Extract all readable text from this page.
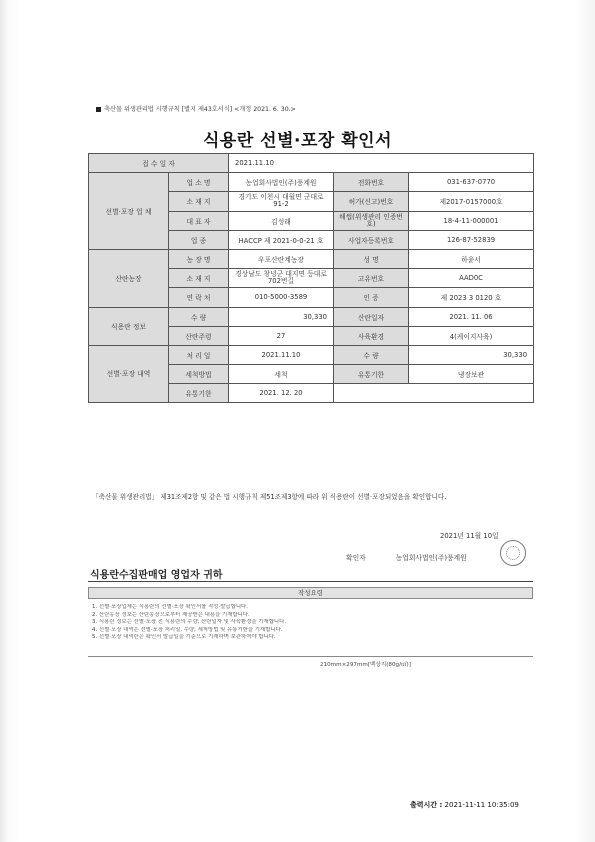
축산물 위생관리법 시행규칙 [별지 제43호서식] <개정 2021. 6. 30.>
식용란 선별·포장 확인서
접 수 일 자		2021.11.10		
선별·포장 업 체	업 소 명	농업회사법인(주)풍계원	전화번호	031-637-0770
	소 재 지	경기도 이천시 대월면 군대로 91-2	허가(신고)번호	제2017-0157000호
	대 표 자	김성래	해썹(위생관리 인증번호)	18-4-11-000001
	업 종	HACCP 제 2021-0-0-21 호	사업자등록번호	126-87-52839
산란농장	농 장 명	우포산란계농장	성 명	하윤서
	소 재 지	경상남도 창녕군 대지면 등대로 702번길	고유번호	AAD0C
	연 락 처	010-5000-3589	인 증	제 2023 3 0120 호
식용란 정보	수 량	30,330	산란일자	2021. 11. 06
	산란주령	27	사육환경	4(케이지사육)
선별·포장 내역	처 리 일	2021.11.10	수 량	30,330
	세척방법	세척	유통기한	냉장보관
	유통기한	2021. 12. 20		
「축산물 위생관리법」 제31조제2항 및 같은 법 시행규칙 제51조제3항에 따라 위 식용란이 선별·포장되었음을 확인합니다.
2021년 11월 10일
확인자	농업회사법인(주)풍계원
식용란수집판매업 영업자 귀하
작성요령
1. 선별·포장업체는 식용란의 선별·포장 확인서를 작성·발급합니다.
2. 산란농장 정보는 산란농장으로부터 제공받은 내용을 기재합니다.
3. 식용란 정보는 선별·포장 전 식용란의 수량, 산란일자 및 사육환경을 기재합니다.
4. 선별·포장 내역은 선별·포장 처리일, 수량, 세척방법 및 유통기한을 기재합니다.
5. 선별·포장 내역란은 확인서 발급일을 기준으로 기재하며 보관하여야 합니다.
210mm×297mm[백상지(80g/㎡)]
출력시간 : 2021-11-11 10:35:09
